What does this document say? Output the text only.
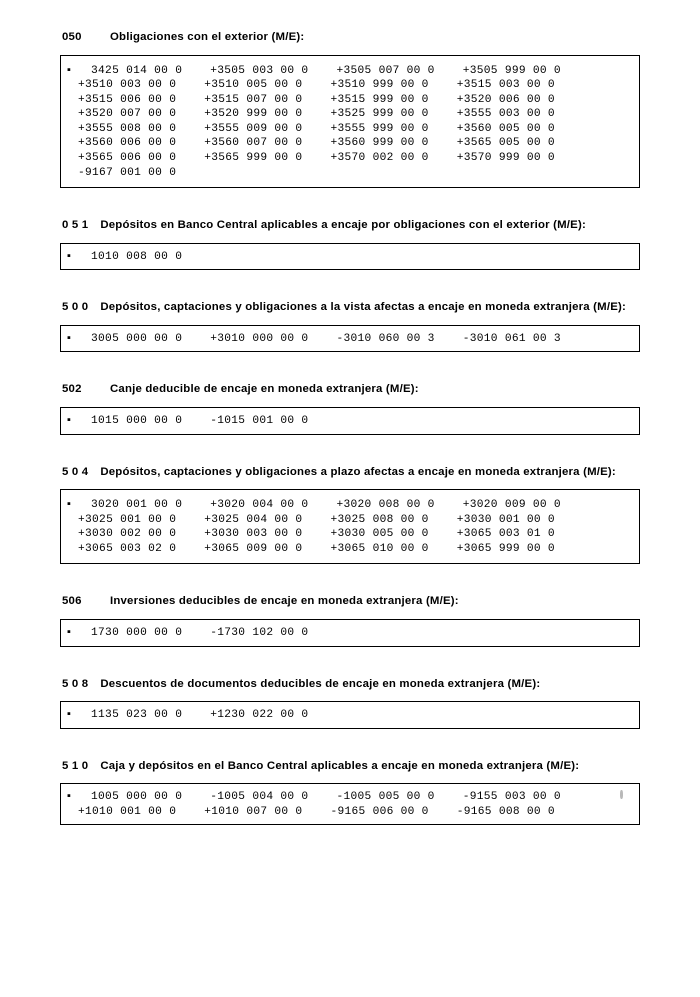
050	Obligaciones con el exterior (M/E):
▪  3425 014 00 0    +3505 003 00 0    +3505 007 00 0    +3505 999 00 0
+3510 003 00 0    +3510 005 00 0    +3510 999 00 0    +3515 003 00 0
+3515 006 00 0    +3515 007 00 0    +3515 999 00 0    +3520 006 00 0
+3520 007 00 0    +3520 999 00 0    +3525 999 00 0    +3555 003 00 0
+3555 008 00 0    +3555 009 00 0    +3555 999 00 0    +3560 005 00 0
+3560 006 00 0    +3560 007 00 0    +3560 999 00 0    +3565 005 00 0
+3565 006 00 0    +3565 999 00 0    +3570 002 00 0    +3570 999 00 0
-9167 001 00 0
0 5 1 Depósitos en Banco Central aplicables a encaje por obligaciones con el exterior (M/E):
▪  1010 008 00 0
5 0 0 Depósitos, captaciones y obligaciones a la vista afectas a encaje en moneda extranjera (M/E):
▪  3005 000 00 0    +3010 000 00 0    -3010 060 00 3    -3010 061 00 3
502	Canje deducible de encaje en moneda extranjera (M/E):
▪  1015 000 00 0    -1015 001 00 0
5 0 4 Depósitos, captaciones y obligaciones a plazo afectas a encaje en moneda extranjera (M/E):
▪  3020 001 00 0    +3020 004 00 0    +3020 008 00 0    +3020 009 00 0
+3025 001 00 0    +3025 004 00 0    +3025 008 00 0    +3030 001 00 0
+3030 002 00 0    +3030 003 00 0    +3030 005 00 0    +3065 003 01 0
+3065 003 02 0    +3065 009 00 0    +3065 010 00 0    +3065 999 00 0
506	Inversiones deducibles de encaje en moneda extranjera (M/E):
▪  1730 000 00 0    -1730 102 00 0
5 0 8 Descuentos de documentos deducibles de encaje en moneda extranjera (M/E):
▪  1135 023 00 0    +1230 022 00 0
5 1 0 Caja y depósitos en el Banco Central aplicables a encaje en moneda extranjera (M/E):
▪  1005 000 00 0    -1005 004 00 0    -1005 005 00 0    -9155 003 00 0
+1010 001 00 0    +1010 007 00 0    -9165 006 00 0    -9165 008 00 0
